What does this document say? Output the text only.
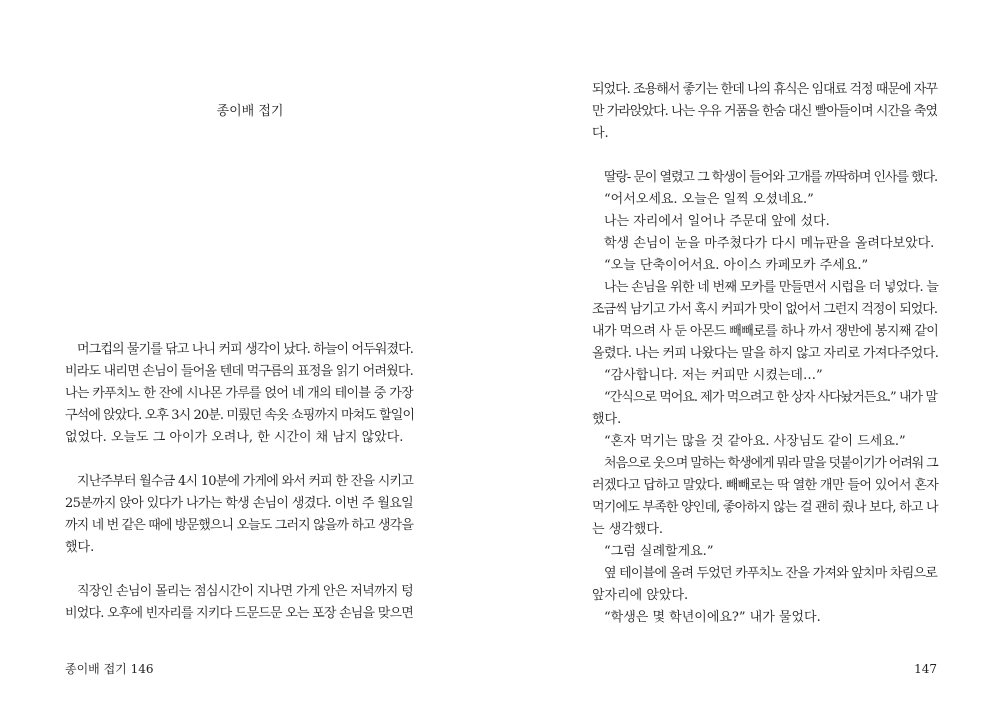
종이배 접기
머그컵의 물기를 닦고 나니 커피 생각이 났다. 하늘이 어두워졌다.
비라도 내리면 손님이 들어올 텐데 먹구름의 표정을 읽기 어려웠다.
나는 카푸치노 한 잔에 시나몬 가루를 얹어 네 개의 테이블 중 가장
구석에 앉았다. 오후 3시 20분. 미뤘던 속옷 쇼핑까지 마쳐도 할일이
없었다. 오늘도 그 아이가 오려나, 한 시간이 채 남지 않았다.
지난주부터 월수금 4시 10분에 가게에 와서 커피 한 잔을 시키고
25분까지 앉아 있다가 나가는 학생 손님이 생겼다. 이번 주 월요일
까지 네 번 같은 때에 방문했으니 오늘도 그러지 않을까 하고 생각을
했다.
직장인 손님이 몰리는 점심시간이 지나면 가게 안은 저녁까지 텅
비었다. 오후에 빈자리를 지키다 드문드문 오는 포장 손님을 맞으면
종이배 접기 146
되었다. 조용해서 좋기는 한데 나의 휴식은 임대료 걱정 때문에 자꾸
만 가라앉았다. 나는 우유 거품을 한숨 대신 빨아들이며 시간을 축였
다.
딸랑- 문이 열렸고 그 학생이 들어와 고개를 까딱하며 인사를 했다.
“어서오세요. 오늘은 일찍 오셨네요.”
나는 자리에서 일어나 주문대 앞에 섰다.
학생 손님이 눈을 마주쳤다가 다시 메뉴판을 올려다보았다.
“오늘 단축이어서요. 아이스 카페모카 주세요.”
나는 손님을 위한 네 번째 모카를 만들면서 시럽을 더 넣었다. 늘
조금씩 남기고 가서 혹시 커피가 맛이 없어서 그런지 걱정이 되었다.
내가 먹으려 사 둔 아몬드 빼빼로를 하나 까서 쟁반에 봉지째 같이
올렸다. 나는 커피 나왔다는 말을 하지 않고 자리로 가져다주었다.
“감사합니다. 저는 커피만 시켰는데…”
“간식으로 먹어요. 제가 먹으려고 한 상자 사다놨거든요.” 내가 말
했다.
“혼자 먹기는 많을 것 같아요. 사장님도 같이 드세요.”
처음으로 웃으며 말하는 학생에게 뭐라 말을 덧붙이기가 어려워 그
러겠다고 답하고 말았다. 빼빼로는 딱 열한 개만 들어 있어서 혼자
먹기에도 부족한 양인데, 좋아하지 않는 걸 괜히 줬나 보다, 하고 나
는 생각했다.
“그럼 실례할게요.”
옆 테이블에 올려 두었던 카푸치노 잔을 가져와 앞치마 차림으로
앞자리에 앉았다.
“학생은 몇 학년이에요?” 내가 물었다.
147
